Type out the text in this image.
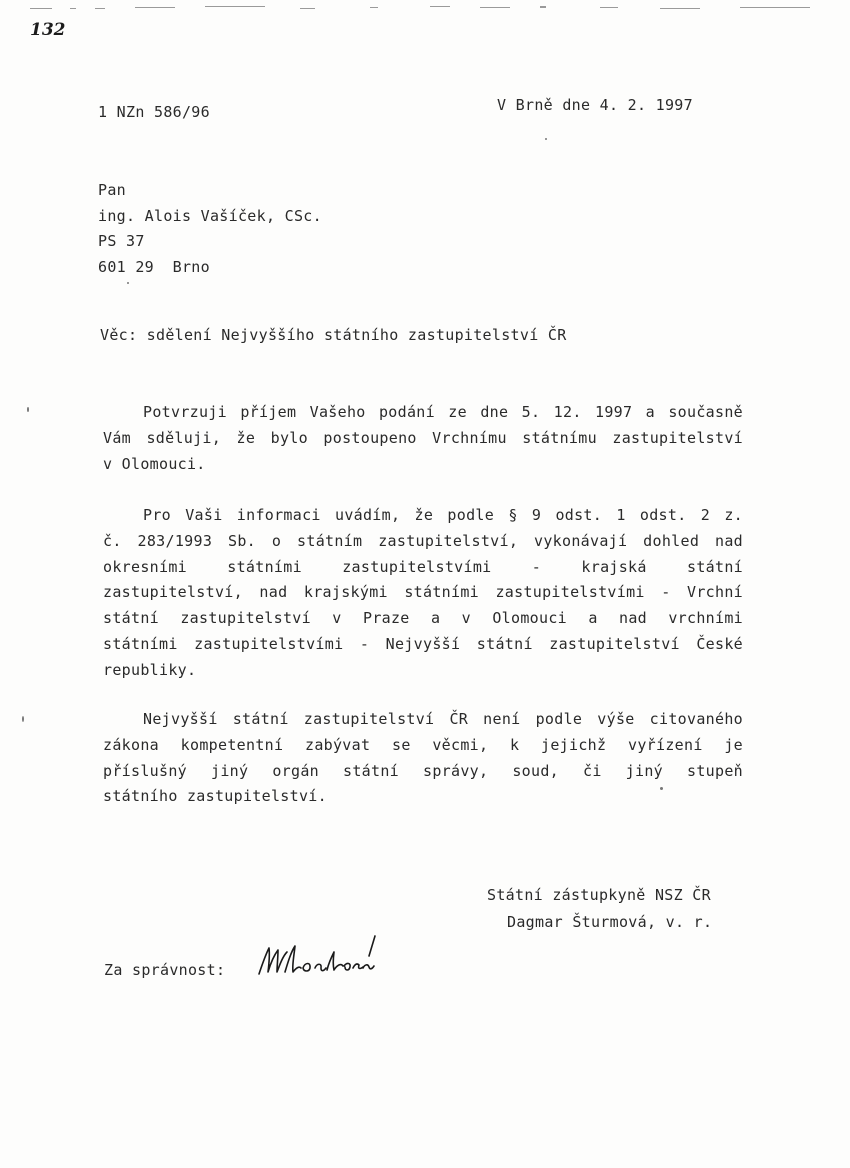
132
1 NZn 586/96	V Brně dne 4. 2. 1997
Pan
ing. Alois Vašíček, CSc.
PS 37
601 29  Brno
Věc: sdělení Nejvyššího státního zastupitelství ČR
Potvrzuji příjem Vašeho podání ze dne 5. 12. 1997 a současně
Vám sděluji, že bylo postoupeno Vrchnímu státnímu zastupitelství
v Olomouci.
Pro Vaši informaci uvádím, že podle § 9 odst. 1 odst. 2 z.
č. 283/1993 Sb. o státním zastupitelství, vykonávají dohled nad
okresními státními zastupitelstvími - krajská státní
zastupitelství, nad krajskými státními zastupitelstvími - Vrchní
státní zastupitelství v Praze a v Olomouci a nad vrchními
státními zastupitelstvími - Nejvyšší státní zastupitelství České
republiky.
Nejvyšší státní zastupitelství ČR není podle výše citovaného
zákona kompetentní zabývat se věcmi, k jejichž vyřízení je
příslušný jiný orgán státní správy, soud, či jiný stupeň
státního zastupitelství.
Státní zástupkyně NSZ ČR
Dagmar Šturmová, v. r.
Za správnost:
